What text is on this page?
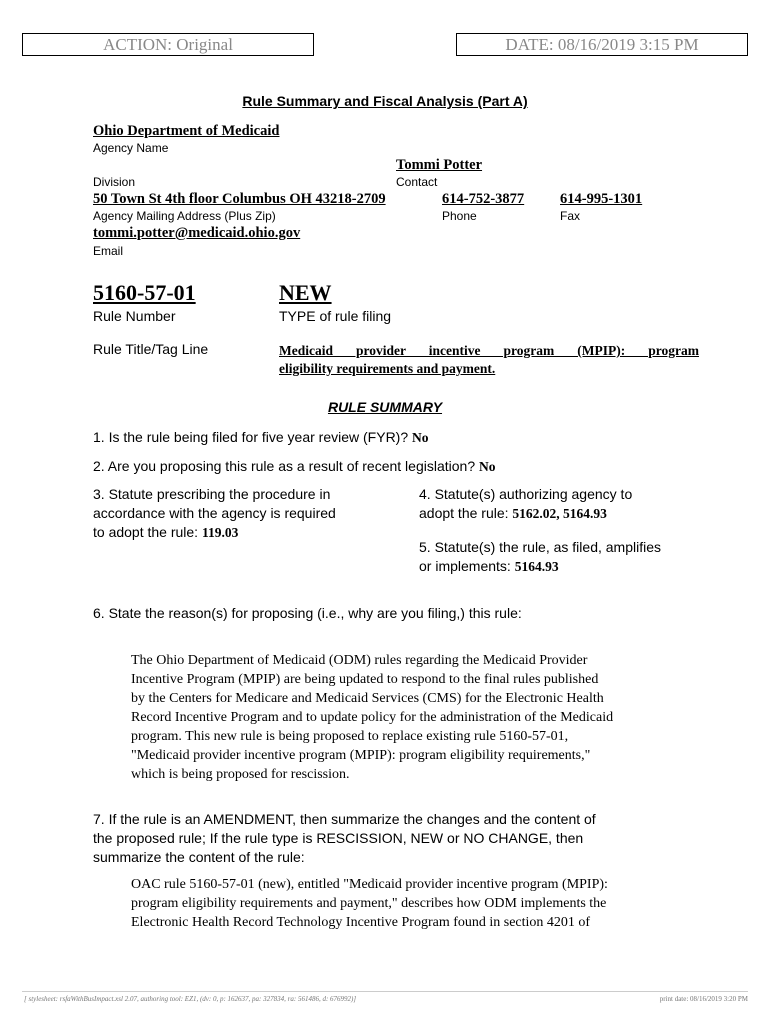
ACTION: Original	DATE: 08/16/2019 3:15 PM
Rule Summary and Fiscal Analysis (Part A)
Ohio Department of Medicaid
Agency Name
Tommi Potter
Division	Contact
50 Town St 4th floor Columbus OH 43218-2709	614-752-3877 614-995-1301
Agency Mailing Address (Plus Zip)	Phone	Fax
tommi.potter@medicaid.ohio.gov
Email
5160-57-01	NEW
Rule Number	TYPE of rule filing
Rule Title/Tag Line	Medicaid provider incentive program (MPIP): program
eligibility requirements and payment.
RULE SUMMARY
1. Is the rule being filed for five year review (FYR)? No
2. Are you proposing this rule as a result of recent legislation? No
3. Statute prescribing the procedure in
accordance with the agency is required
to adopt the rule: 119.03
4. Statute(s) authorizing agency to
adopt the rule: 5162.02, 5164.93
5. Statute(s) the rule, as filed, amplifies
or implements: 5164.93
6. State the reason(s) for proposing (i.e., why are you filing,) this rule:
The Ohio Department of Medicaid (ODM) rules regarding the Medicaid Provider
Incentive Program (MPIP) are being updated to respond to the final rules published
by the Centers for Medicare and Medicaid Services (CMS) for the Electronic Health
Record Incentive Program and to update policy for the administration of the Medicaid
program. This new rule is being proposed to replace existing rule 5160-57-01,
"Medicaid provider incentive program (MPIP): program eligibility requirements,"
which is being proposed for rescission.
7. If the rule is an AMENDMENT, then summarize the changes and the content of
the proposed rule; If the rule type is RESCISSION, NEW or NO CHANGE, then
summarize the content of the rule:
OAC rule 5160-57-01 (new), entitled "Medicaid provider incentive program (MPIP):
program eligibility requirements and payment," describes how ODM implements the
Electronic Health Record Technology Incentive Program found in section 4201 of
[ stylesheet: rsfaWithBusImpact.xsl 2.07, authoring tool: EZ1, (dv: 0, p: 162637, pa: 327834, ra: 561486, d: 676992)]	print date: 08/16/2019 3:20 PM
